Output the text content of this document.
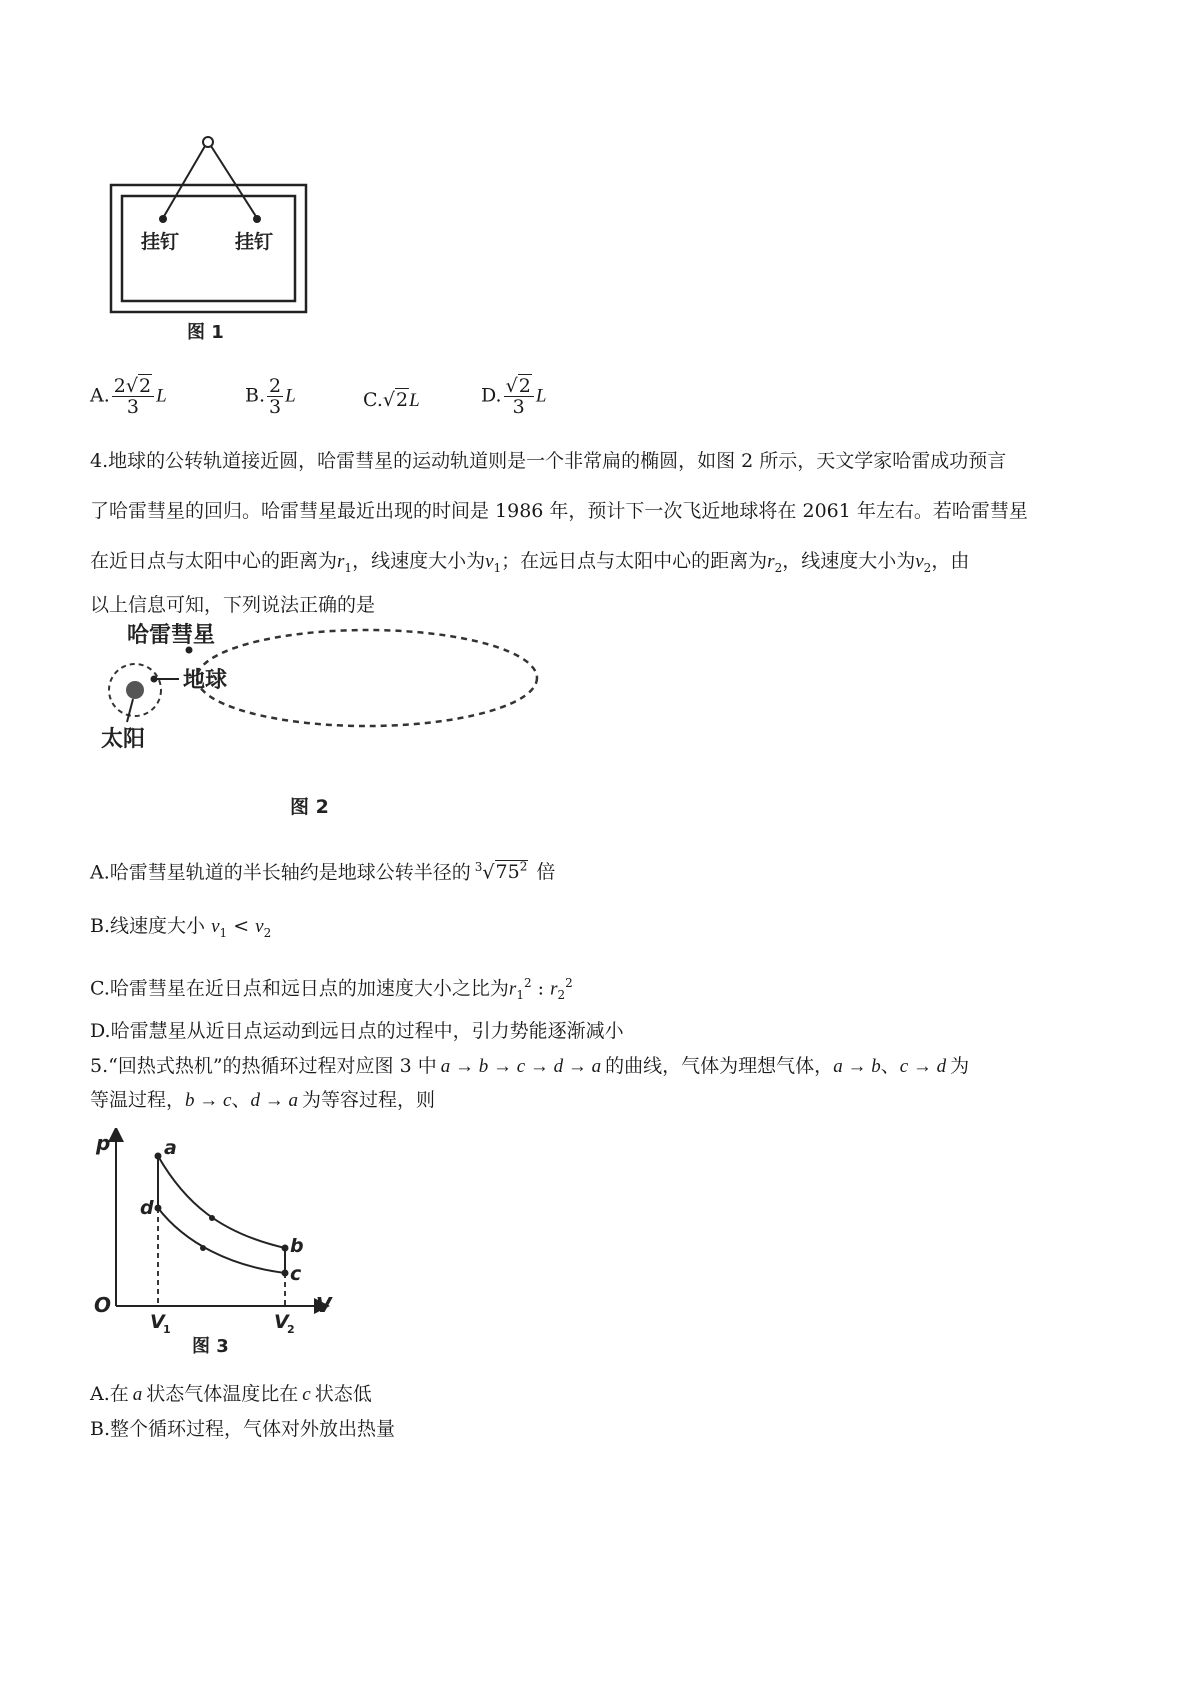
挂钉	挂钉
图 1
A. $\frac{2√2}{3}$ L	B. $\frac{2}{3}$ L	C.√2L	D. $\frac{√2}{3}$ L
4.地球的公转轨道接近圆，哈雷彗星的运动轨道则是一个非常扁的椭圆，如图 2 所示，天文学家哈雷成功预言
了哈雷彗星的回归。哈雷彗星最近出现的时间是 1986 年，预计下一次飞近地球将在 2061 年左右。若哈雷彗星
在近日点与太阳中心的距离为$r_1$，线速度大小为$v_1$；在远日点与太阳中心的距离为$r_2$，线速度大小为$v_2$，由
以上信息可知，下列说法正确的是
哈雷彗星
地球
太阳
图 2
A.哈雷彗星轨道的半长轴约是地球公转半径的 $^3√75^2$ 倍
B.线速度大小 $v_1 < v_2$
C.哈雷彗星在近日点和远日点的加速度大小之比为$r_1^2$ : $r_2^2$
D.哈雷慧星从近日点运动到远日点的过程中，引力势能逐渐减小
5.“回热式热机”的热循环过程对应图 3 中 a → b → c → d → a 的曲线，气体为理想气体，a → b、c → d 为
等温过程，b → c、d → a 为等容过程，则
p
V
O
a
b
c
d
V
1	V
2
图 3
A.在 a 状态气体温度比在 c 状态低
B.整个循环过程，气体对外放出热量
